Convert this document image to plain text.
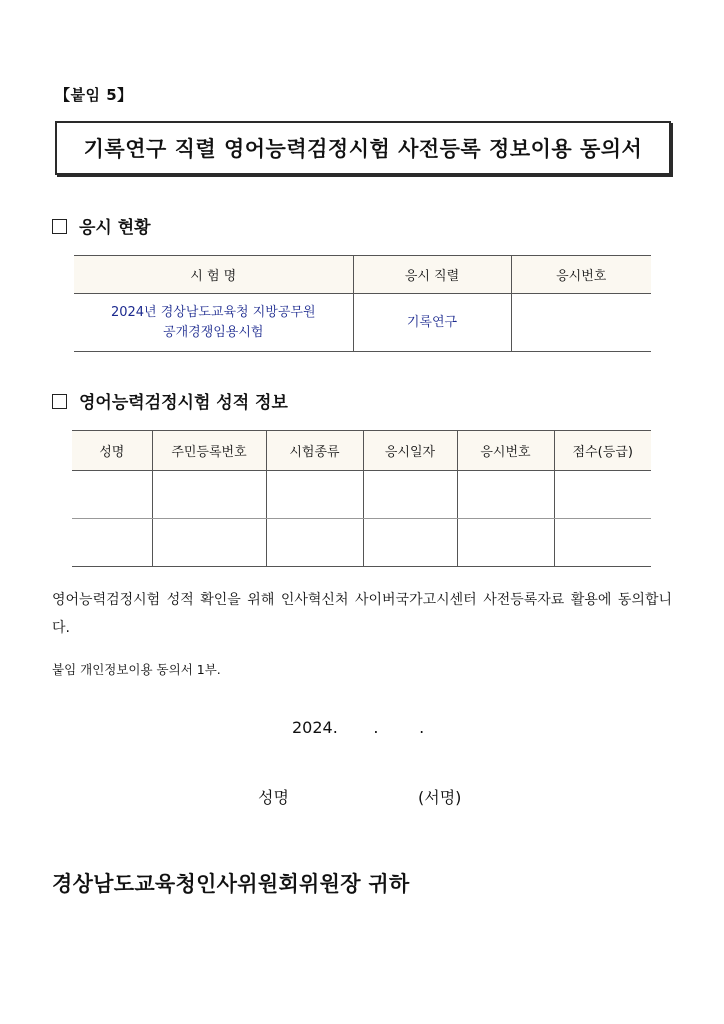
【붙임 5】
기록연구 직렬 영어능력검정시험 사전등록 정보이용 동의서
응시 현황
시 험 명	응시 직렬	응시번호

2024년 경상남도교육청 지방공무원
공개경쟁임용시험	기록연구	
영어능력검정시험 성적 정보
성명	주민등록번호	시험종류	응시일자	응시번호	점수(등급)

영어능력검정시험 성적 확인을 위해 인사혁신처 사이버국가고시센터 사전등록자료 활용에 동의합니다.
붙임 개인정보이용 동의서 1부.
2024.       .        .
성명	(서명)
경상남도교육청인사위원회위원장 귀하
